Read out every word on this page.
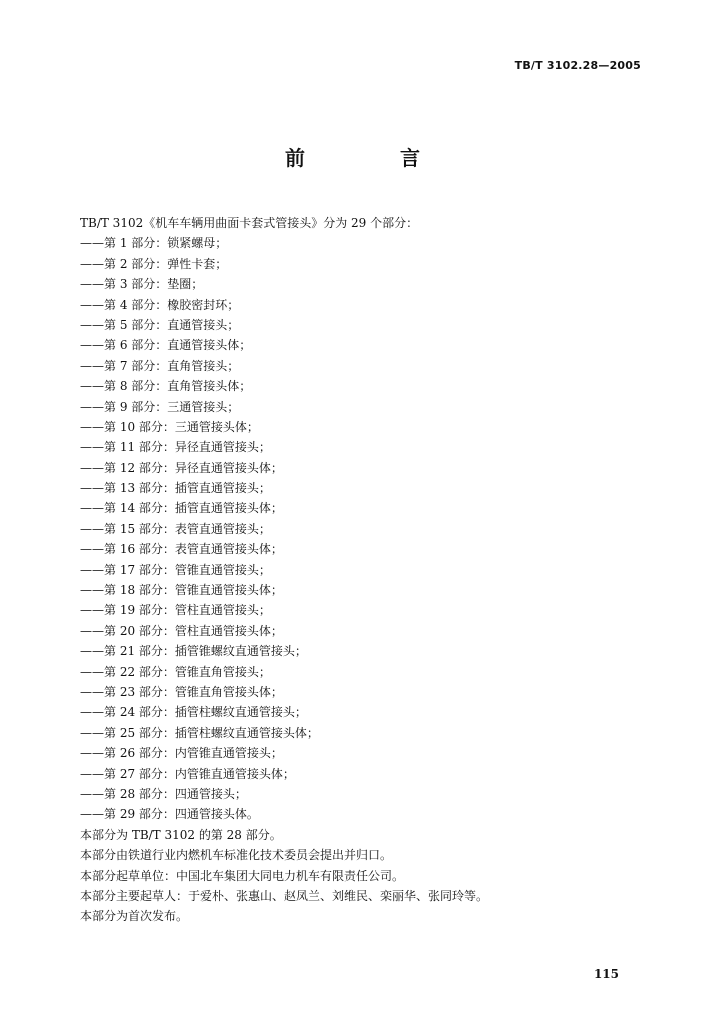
TB/T 3102.28—2005
前 言
TB/T 3102《机车车辆用曲面卡套式管接头》分为 29 个部分：
——第 1 部分：锁紧螺母；
——第 2 部分：弹性卡套；
——第 3 部分：垫圈；
——第 4 部分：橡胶密封环；
——第 5 部分：直通管接头；
——第 6 部分：直通管接头体；
——第 7 部分：直角管接头；
——第 8 部分：直角管接头体；
——第 9 部分：三通管接头；
——第 10 部分：三通管接头体；
——第 11 部分：异径直通管接头；
——第 12 部分：异径直通管接头体；
——第 13 部分：插管直通管接头；
——第 14 部分：插管直通管接头体；
——第 15 部分：表管直通管接头；
——第 16 部分：表管直通管接头体；
——第 17 部分：管锥直通管接头；
——第 18 部分：管锥直通管接头体；
——第 19 部分：管柱直通管接头；
——第 20 部分：管柱直通管接头体；
——第 21 部分：插管锥螺纹直通管接头；
——第 22 部分：管锥直角管接头；
——第 23 部分：管锥直角管接头体；
——第 24 部分：插管柱螺纹直通管接头；
——第 25 部分：插管柱螺纹直通管接头体；
——第 26 部分：内管锥直通管接头；
——第 27 部分：内管锥直通管接头体；
——第 28 部分：四通管接头；
——第 29 部分：四通管接头体。
本部分为 TB/T 3102 的第 28 部分。
本部分由铁道行业内燃机车标准化技术委员会提出并归口。
本部分起草单位：中国北车集团大同电力机车有限责任公司。
本部分主要起草人：于爱朴、张惠山、赵凤兰、刘维民、栾丽华、张同玲等。
本部分为首次发布。
115
